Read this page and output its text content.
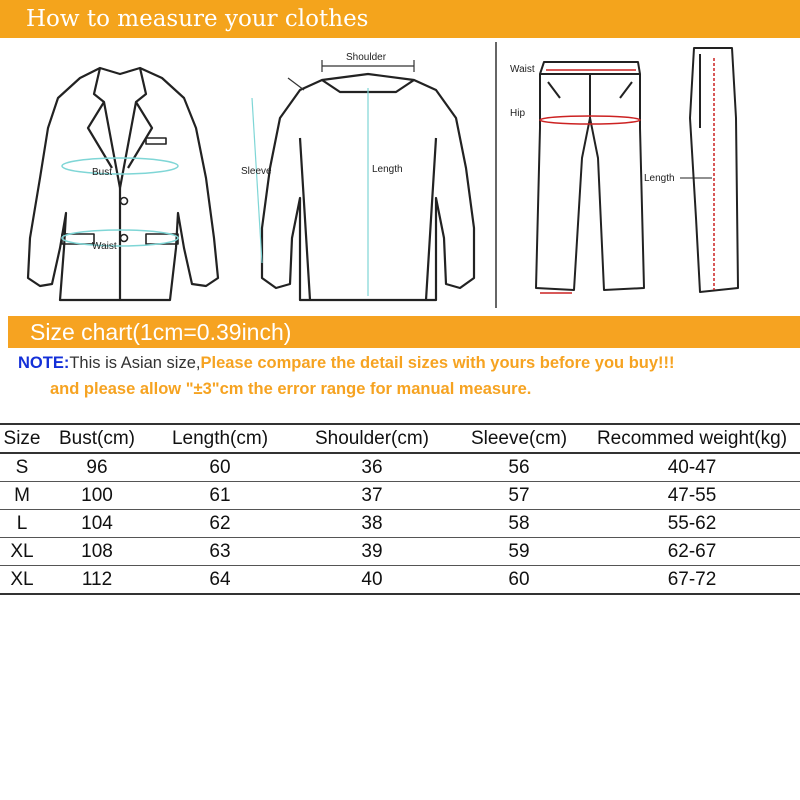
How to measure your clothes
Bust
Waist
Shoulder
Sleeve	Length
Waist
Hip
Length
Size chart(1cm=0.39inch)
NOTE:This is Asian size,Please compare the detail sizes with yours before you buy!!!
and please allow "±3"cm the error range for manual measure.
Size	Bust(cm)	Length(cm)	Shoulder(cm)	Sleeve(cm)	Recommed weight(kg)
S	96	60	36	56	40-47
M	100	61	37	57	47-55
L	104	62	38	58	55-62
XL	108	63	39	59	62-67
XL	112	64	40	60	67-72
